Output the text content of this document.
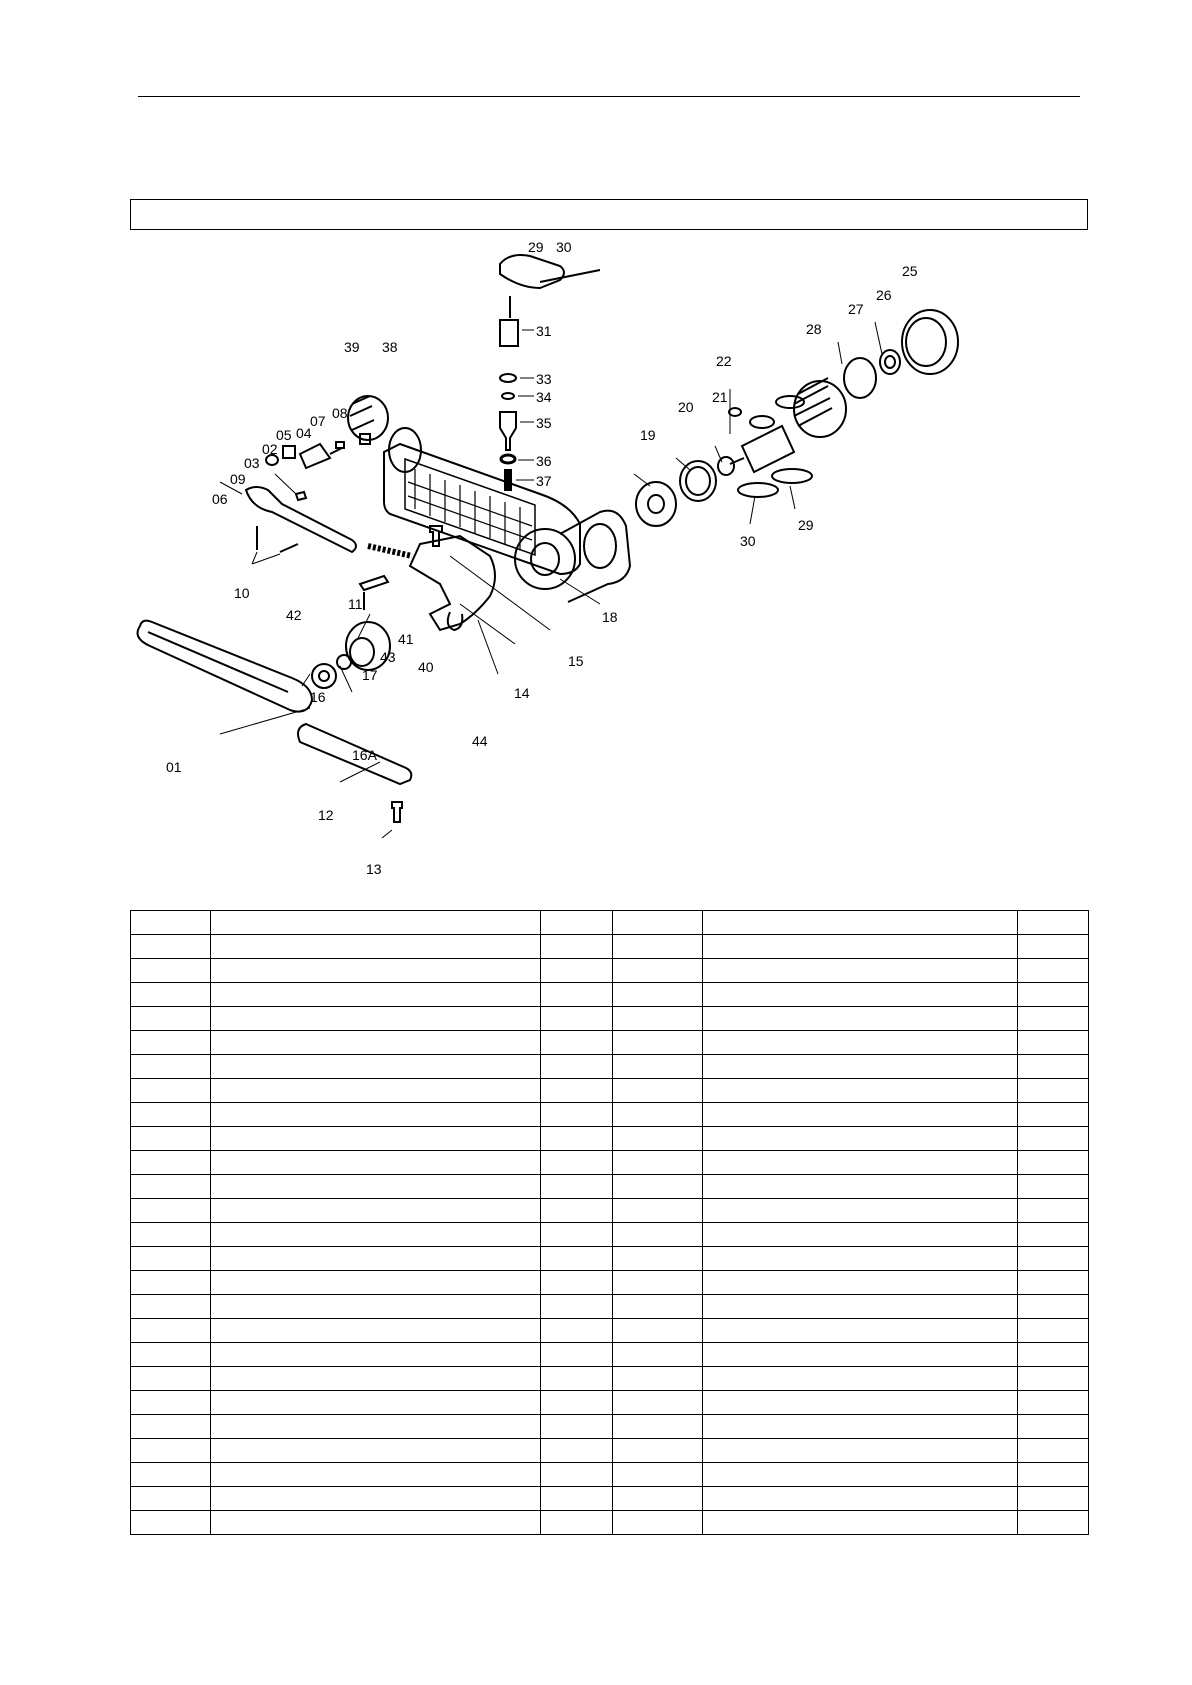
29 30
31
33
34
35
36
37
38
39
18
15
14
44
42
41
43
40
11
17
16
16A
01
12
13
10
06
09
03
02
05 04
07 08
19
20
21
22
30
29
28
27
26
25
